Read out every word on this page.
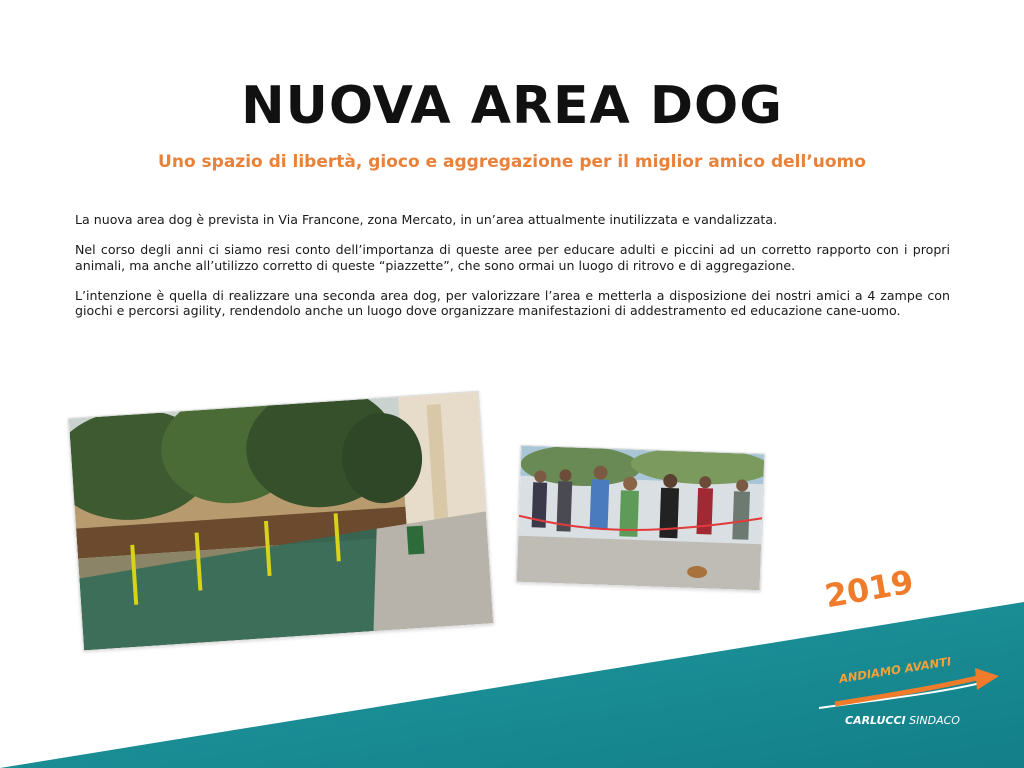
NUOVA AREA DOG
Uno spazio di libertà, gioco e aggregazione per il miglior amico dell’uomo

La nuova area dog è prevista in Via Francone, zona Mercato, in un’area attualmente inutilizzata e vandalizzata.

Nel corso degli anni ci siamo resi conto dell’importanza di queste aree per educare adulti e piccini ad un corretto rapporto con i propri animali, ma anche all’utilizzo corretto di queste “piazzette”, che sono ormai un luogo di ritrovo e di aggregazione.

L’intenzione è quella di realizzare una seconda area dog, per valorizzare l’area e metterla a disposizione dei nostri amici a 4 zampe con giochi e percorsi agility, rendendolo anche un luogo dove organizzare manifestazioni di addestramento ed educazione cane-uomo.

2019
ANDIAMO AVANTI
CARLUCCI SINDACO
